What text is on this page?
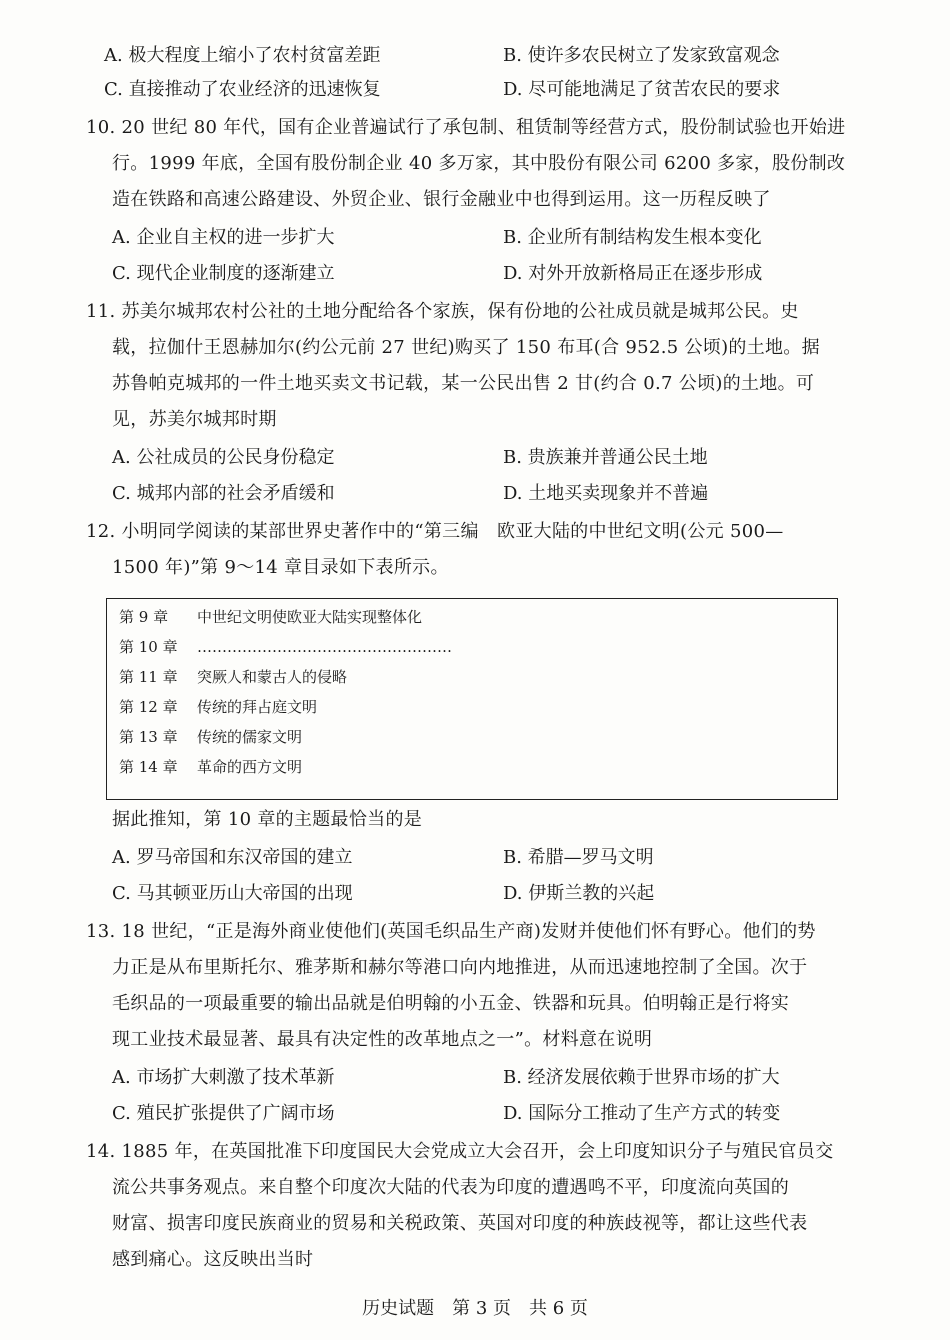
A. 极大程度上缩小了农村贫富差距	B. 使许多农民树立了发家致富观念
C. 直接推动了农业经济的迅速恢复	D. 尽可能地满足了贫苦农民的要求
10. 20 世纪 80 年代，国有企业普遍试行了承包制、租赁制等经营方式，股份制试验也开始进
行。1999 年底，全国有股份制企业 40 多万家，其中股份有限公司 6200 多家，股份制改
造在铁路和高速公路建设、外贸企业、银行金融业中也得到运用。这一历程反映了
A. 企业自主权的进一步扩大	B. 企业所有制结构发生根本变化
C. 现代企业制度的逐渐建立	D. 对外开放新格局正在逐步形成
11. 苏美尔城邦农村公社的土地分配给各个家族，保有份地的公社成员就是城邦公民。史
载，拉伽什王恩赫加尔(约公元前 27 世纪)购买了 150 布耳(合 952.5 公顷)的土地。据
苏鲁帕克城邦的一件土地买卖文书记载，某一公民出售 2 甘(约合 0.7 公顷)的土地。可
见，苏美尔城邦时期
A. 公社成员的公民身份稳定	B. 贵族兼并普通公民土地
C. 城邦内部的社会矛盾缓和	D. 土地买卖现象并不普遍
12. 小明同学阅读的某部世界史著作中的“第三编　欧亚大陆的中世纪文明(公元 500—
1500 年)”第 9～14 章目录如下表所示。
第 9 章 中世纪文明使欧亚大陆实现整体化
第 10 章 ……………………………………………
第 11 章 突厥人和蒙古人的侵略
第 12 章 传统的拜占庭文明
第 13 章 传统的儒家文明
第 14 章 革命的西方文明
据此推知，第 10 章的主题最恰当的是
A. 罗马帝国和东汉帝国的建立	B. 希腊—罗马文明
C. 马其顿亚历山大帝国的出现	D. 伊斯兰教的兴起
13. 18 世纪，“正是海外商业使他们(英国毛织品生产商)发财并使他们怀有野心。他们的势
力正是从布里斯托尔、雅茅斯和赫尔等港口向内地推进，从而迅速地控制了全国。次于
毛织品的一项最重要的输出品就是伯明翰的小五金、铁器和玩具。伯明翰正是行将实
现工业技术最显著、最具有决定性的改革地点之一”。材料意在说明
A. 市场扩大刺激了技术革新	B. 经济发展依赖于世界市场的扩大
C. 殖民扩张提供了广阔市场	D. 国际分工推动了生产方式的转变
14. 1885 年，在英国批准下印度国民大会党成立大会召开，会上印度知识分子与殖民官员交
流公共事务观点。来自整个印度次大陆的代表为印度的遭遇鸣不平，印度流向英国的
财富、损害印度民族商业的贸易和关税政策、英国对印度的种族歧视等，都让这些代表
感到痛心。这反映出当时
历史试题　第 3 页　共 6 页
